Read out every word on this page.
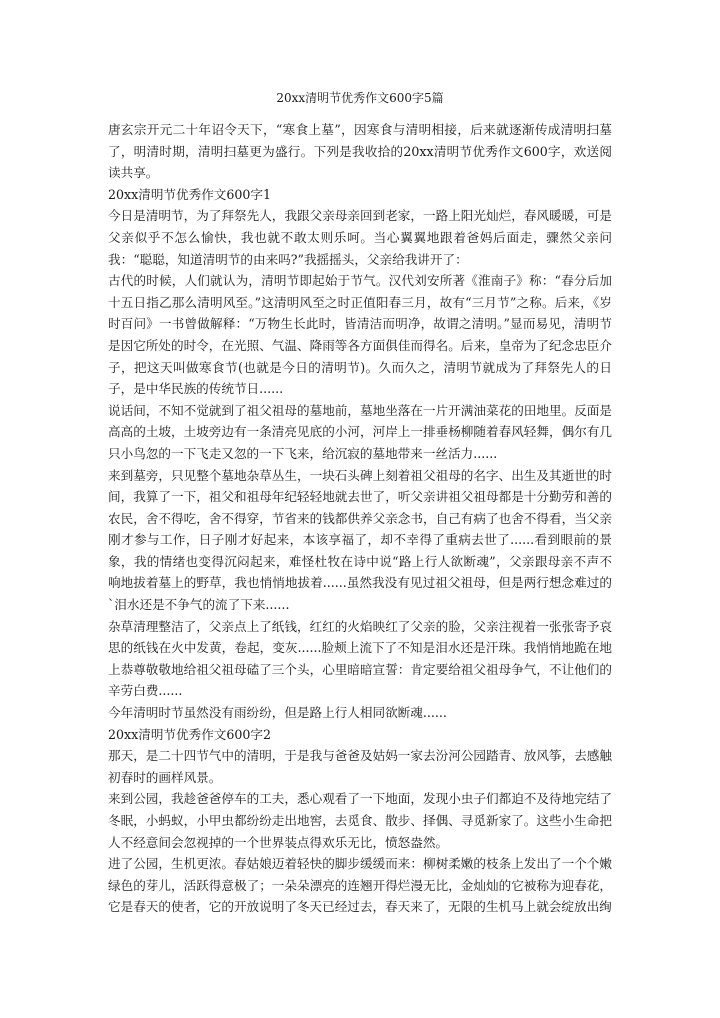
20xx清明节优秀作文600字5篇

唐玄宗开元二十年诏令天下，“寒食上墓”，因寒食与清明相接，后来就逐渐传成清明扫墓了，明清时期，清明扫墓更为盛行。下列是我收拾的20xx清明节优秀作文600字，欢送阅读共享。

20xx清明节优秀作文600字1

今日是清明节，为了拜祭先人，我跟父亲母亲回到老家，一路上阳光灿烂，春风暖暖，可是父亲似乎不怎么愉快，我也就不敢太则乐呵。当心翼翼地跟着爸妈后面走，骤然父亲问我：“聪聪，知道清明节的由来吗?”我摇摇头，父亲给我讲开了：

古代的时候，人们就认为，清明节即起始于节气。汉代刘安所著《淮南子》称：“春分后加十五日指乙那么清明风至。”这清明风至之时正值阳春三月，故有“三月节”之称。后来，《岁时百问》一书曾做解释：“万物生长此时，皆清洁而明净，故谓之清明。”显而易见，清明节是因它所处的时令，在光照、气温、降雨等各方面俱佳而得名。后来，皇帝为了纪念忠臣介子，把这天叫做寒食节(也就是今日的清明节)。久而久之，清明节就成为了拜祭先人的日子，是中华民族的传统节日......

说话间，不知不觉就到了祖父祖母的墓地前，墓地坐落在一片开满油菜花的田地里。反面是高高的土坡，土坡旁边有一条清亮见底的小河，河岸上一排垂杨柳随着春风轻舞，偶尔有几只小鸟忽的一下飞走又忽的一下飞来，给沉寂的墓地带来一丝活力......

来到墓旁，只见整个墓地杂草丛生，一块石头碑上刻着祖父祖母的名字、出生及其逝世的时间，我算了一下，祖父和祖母年纪轻轻地就去世了，听父亲讲祖父祖母都是十分勤劳和善的农民，舍不得吃，舍不得穿，节省来的钱都供养父亲念书，自己有病了也舍不得看，当父亲刚才参与工作，日子刚才好起来，本该享福了，却不幸得了重病去世了......看到眼前的景象，我的情绪也变得沉闷起来，难怪杜牧在诗中说“路上行人欲断魂”，父亲跟母亲不声不响地拔着墓上的野草，我也悄悄地拔着......虽然我没有见过祖父祖母，但是两行想念难过的`泪水还是不争气的流了下来......

杂草清理整洁了，父亲点上了纸钱，红红的火焰映红了父亲的脸，父亲注视着一张张寄予哀思的纸钱在火中发黄，卷起，变灰......脸颊上流下了不知是泪水还是汗珠。我悄悄地跪在地上恭尊敬敬地给祖父祖母磕了三个头，心里暗暗宣誓：肯定要给祖父祖母争气，不让他们的辛劳白费......

今年清明时节虽然没有雨纷纷，但是路上行人相同欲断魂......

20xx清明节优秀作文600字2

那天，是二十四节气中的清明，于是我与爸爸及姑妈一家去汾河公园踏青、放风筝，去感触初春时的画样风景。

来到公园，我趁爸爸停车的工夫，悉心观看了一下地面，发现小虫子们都迫不及待地完结了冬眠，小蚂蚁，小甲虫都纷纷走出地窖，去觅食、散步、择偶、寻觅新家了。这些小生命把人不经意间会忽视掉的一个世界装点得欢乐无比，愤怒盎然。

进了公园，生机更浓。春姑娘迈着轻快的脚步缓缓而来：柳树柔嫩的枝条上发出了一个个嫩绿色的芽儿，活跃得意极了；一朵朵漂亮的连翘开得烂漫无比，金灿灿的它被称为迎春花，它是春天的使者，它的开放说明了冬天已经过去，春天来了，无限的生机马上就会绽放出绚
